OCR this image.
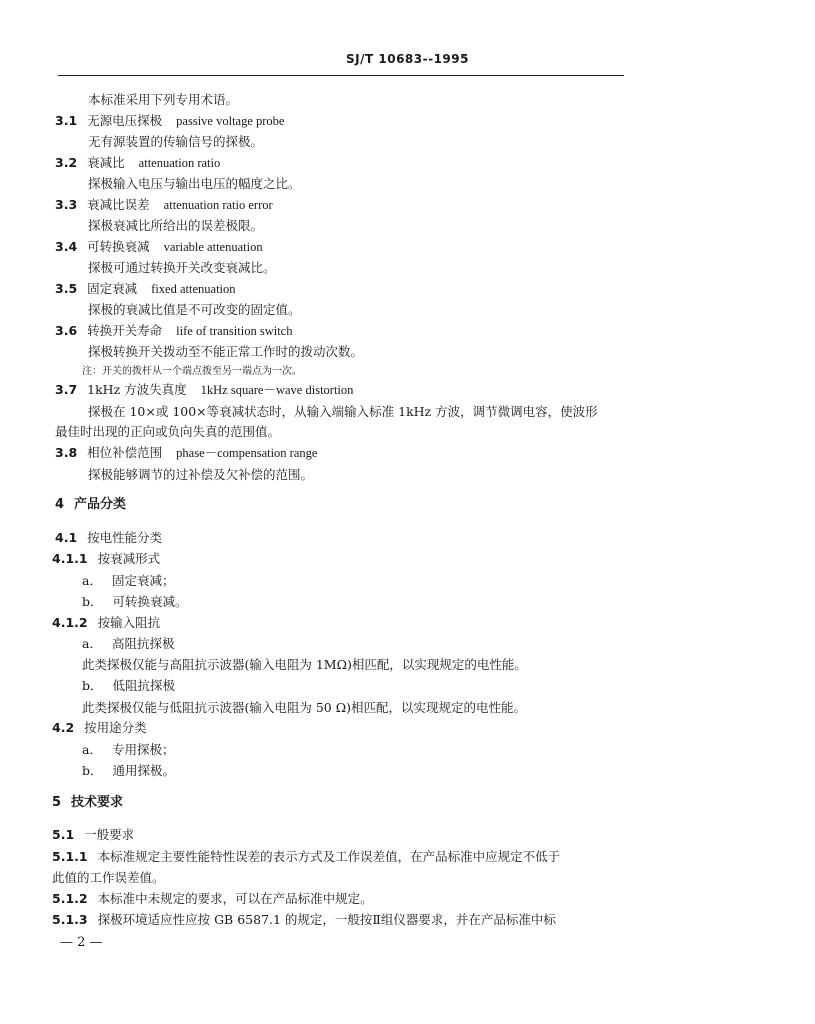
SJ/T 10683--1995
本标准采用下列专用术语。
3.1 无源电压探极 passive voltage probe
无有源装置的传输信号的探极。
3.2 衰减比 attenuation ratio
探极输入电压与输出电压的幅度之比。
3.3 衰减比误差 attenuation ratio error
探极衰减比所给出的误差极限。
3.4 可转换衰减 variable attenuation
探极可通过转换开关改变衰减比。
3.5 固定衰减 fixed attenuation
探极的衰减比值是不可改变的固定值。
3.6 转换开关寿命 life of transition switch
探极转换开关拨动至不能正常工作时的拨动次数。
注：开关的拨杆从一个端点拨至另一端点为一次。
3.7 1kHz 方波失真度 1kHz square－wave distortion
探极在 10×或 100×等衰减状态时，从输入端输入标准 1kHz 方波，调节微调电容，使波形
最佳时出现的正向或负向失真的范围值。
3.8 相位补偿范围 phase－compensation range
探极能够调节的过补偿及欠补偿的范围。
4 产品分类
4.1 按电性能分类
4.1.1 按衰减形式
a． 固定衰减；
b． 可转换衰减。
4.1.2 按输入阻抗
a． 高阻抗探极
此类探极仅能与高阻抗示波器(输入电阻为 1MΩ)相匹配，以实现规定的电性能。
b． 低阻抗探极
此类探极仅能与低阻抗示波器(输入电阻为 50 Ω)相匹配，以实现规定的电性能。
4.2 按用途分类
a． 专用探极；
b． 通用探极。
5 技术要求
5.1 一般要求
5.1.1 本标准规定主要性能特性误差的表示方式及工作误差值，在产品标准中应规定不低于
此值的工作误差值。
5.1.2 本标准中未规定的要求，可以在产品标准中规定。
5.1.3 探极环境适应性应按 GB 6587.1 的规定，一般按Ⅱ组仪器要求，并在产品标准中标
— 2 —
